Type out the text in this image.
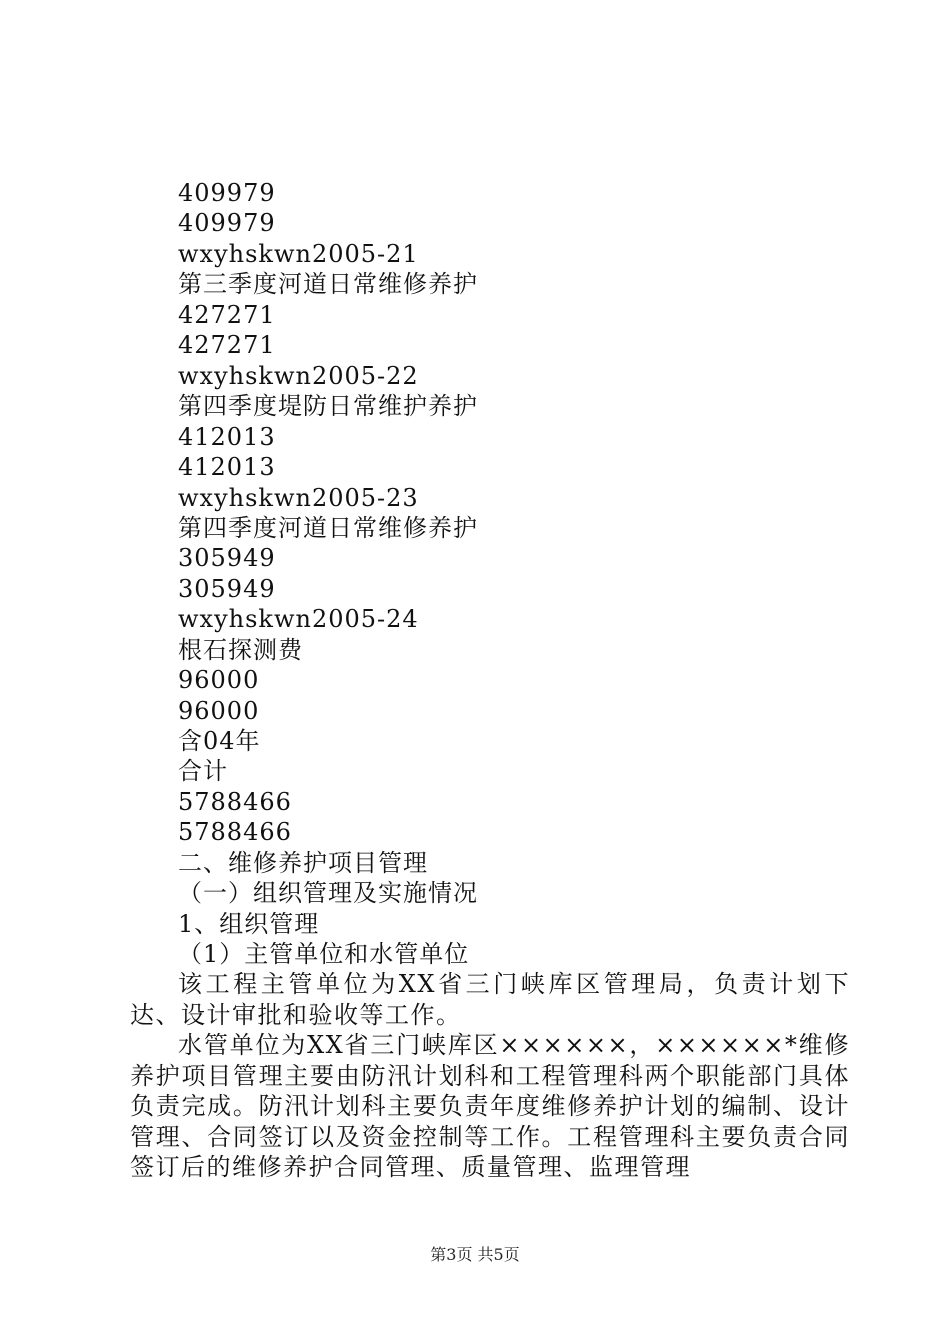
409979
409979
wxyhskwn2005-21
第三季度河道日常维修养护
427271
427271
wxyhskwn2005-22
第四季度堤防日常维护养护
412013
412013
wxyhskwn2005-23
第四季度河道日常维修养护
305949
305949
wxyhskwn2005-24
根石探测费
96000
96000
含04年
合计
5788466
5788466
二、维修养护项目管理
（一）组织管理及实施情况
1、组织管理
（1）主管单位和水管单位
该工程主管单位为XX省三门峡库区管理局，负责计划下达、设计审批和验收等工作。
水管单位为XX省三门峡库区××××××，××××××*维修养护项目管理主要由防汛计划科和工程管理科两个职能部门具体负责完成。防汛计划科主要负责年度维修养护计划的编制、设计管理、合同签订以及资金控制等工作。工程管理科主要负责合同签订后的维修养护合同管理、质量管理、监理管理
第3页 共5页
